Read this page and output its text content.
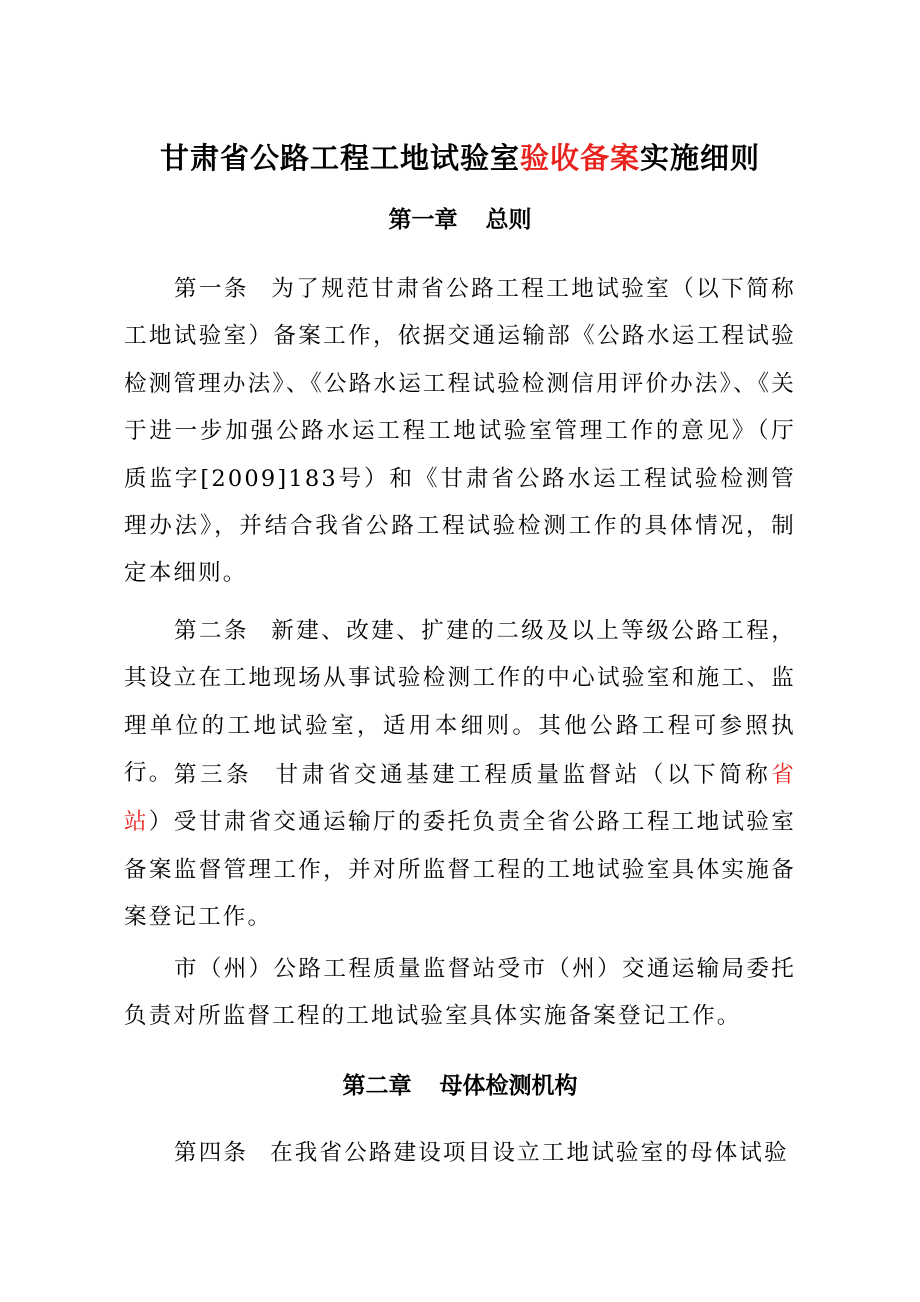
甘肃省公路工程工地试验室验收备案实施细则
第一章 总则
第一条 为了规范甘肃省公路工程工地试验室（以下简称工地试验室）备案工作，依据交通运输部《公路水运工程试验检测管理办法》、《公路水运工程试验检测信用评价办法》、《关于进一步加强公路水运工程工地试验室管理工作的意见》（厅质监字[2009]183号）和《甘肃省公路水运工程试验检测管理办法》，并结合我省公路工程试验检测工作的具体情况，制定本细则。
第二条 新建、改建、扩建的二级及以上等级公路工程，其设立在工地现场从事试验检测工作的中心试验室和施工、监理单位的工地试验室，适用本细则。其他公路工程可参照执行。 第三条 甘肃省交通基建工程质量监督站（以下简称省站）受甘肃省交通运输厅的委托负责全省公路工程工地试验室备案监督管理工作，并对所监督工程的工地试验室具体实施备案登记工作。
市（州）公路工程质量监督站受市（州）交通运输局委托负责对所监督工程的工地试验室具体实施备案登记工作。
第二章 母体检测机构
第四条 在我省公路建设项目设立工地试验室的母体试验
